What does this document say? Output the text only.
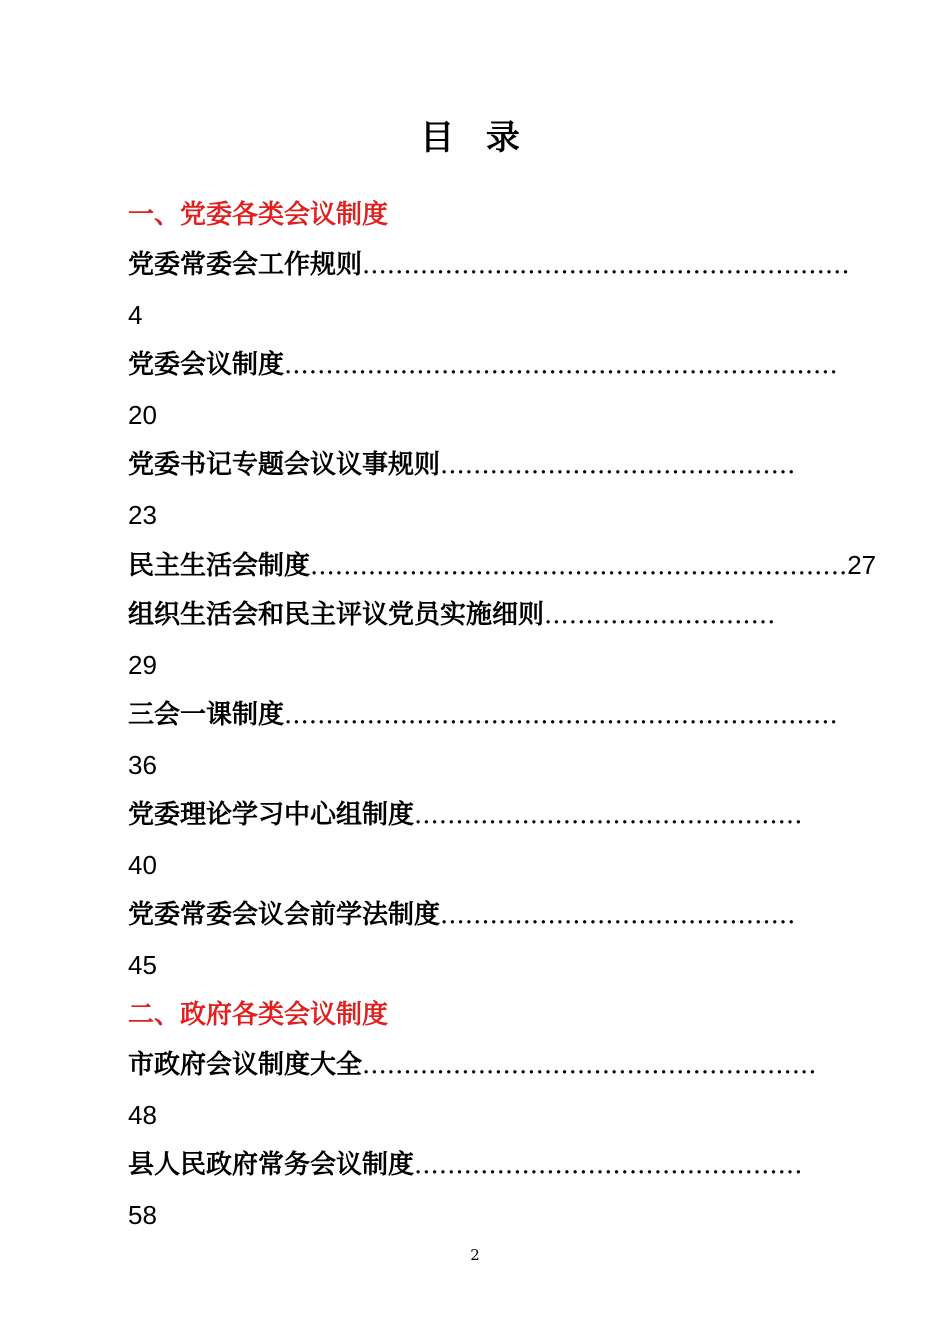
目 录
一、党委各类会议制度
党委常委会工作规则...........................................................
4
党委会议制度...................................................................
20
党委书记专题会议议事规则...........................................
23
民主生活会制度.................................................................27
组织生活会和民主评议党员实施细则............................
29
三会一课制度...................................................................
36
党委理论学习中心组制度...............................................
40
党委常委会议会前学法制度...........................................
45
二、政府各类会议制度
市政府会议制度大全.......................................................
48
县人民政府常务会议制度...............................................
58
2
